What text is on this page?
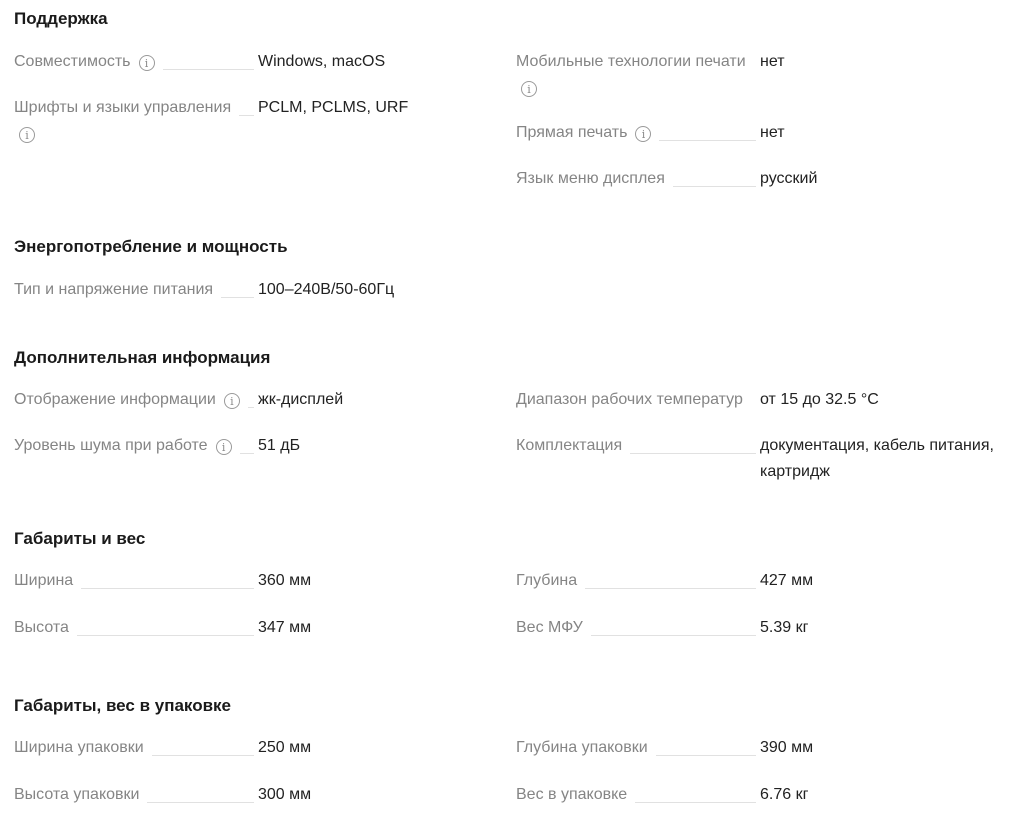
Поддержка
Совместимость	i	Windows, macOS
Шрифты и языки управления PCLM, PCLMS, URF
i
Мобильные технологии печати нет
i
Прямая печать	i	нет
Язык меню дисплея	русский
Энергопотребление и мощность
Тип и напряжение питания	100–240В/50-60Гц
Дополнительная информация
Отображение информации	i	жк-дисплей
Уровень шума при работе	i	51 дБ
Диапазон рабочих температур от 15 до 32.5 °С
Комплектация	документация, кабель питания, картридж
Габариты и вес
Ширина	360 мм
Высота	347 мм
Глубина	427 мм
Вес МФУ	5.39 кг
Габариты, вес в упаковке
Ширина упаковки	250 мм
Высота упаковки	300 мм
Глубина упаковки	390 мм
Вес в упаковке	6.76 кг
